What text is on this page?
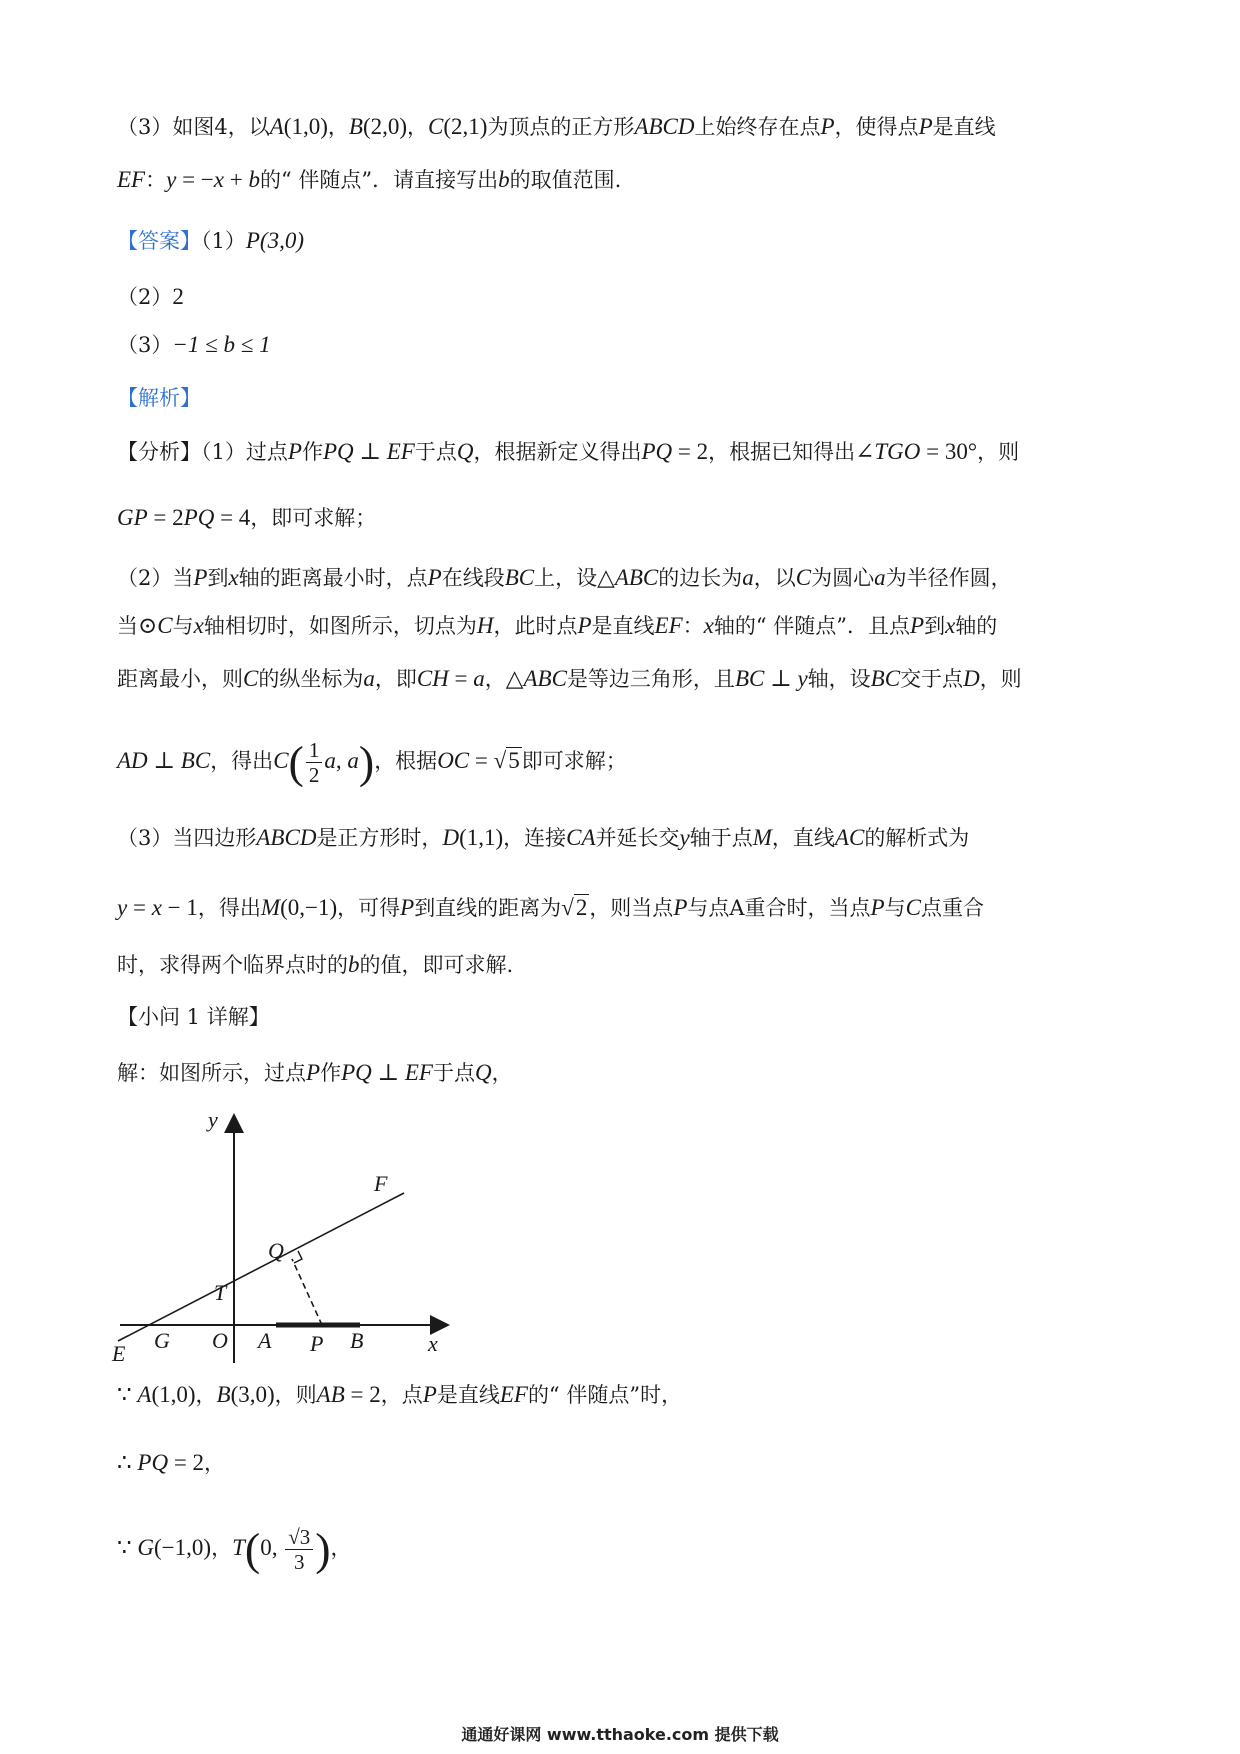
（3）如图4，以A(1,0)，B(2,0)，C(2,1)为顶点的正方形ABCD上始终存在点P，使得点P是直线
EF：y = −x + b的“ 伴随点”．请直接写出b的取值范围.
【答案】（1）P(3,0)
（2）2
（3）−1 ≤ b ≤ 1
【解析】
【分析】（1）过点P作PQ ⊥ EF于点Q，根据新定义得出PQ = 2，根据已知得出∠TGO = 30°，则
GP = 2PQ = 4，即可求解；
（2）当P到x轴的距离最小时，点P在线段BC上，设△ABC的边长为a，以C为圆心a为半径作圆，
当⊙C与x轴相切时，如图所示，切点为H，此时点P是直线EF：x轴的“ 伴随点”．且点P到x轴的
距离最小，则C的纵坐标为a，即CH = a，△ABC是等边三角形，且BC ⊥ y轴，设BC交于点D，则
AD ⊥ BC，得出$C( \frac{1}{2} a$, a)，根据OC = √5即可求解；
（3）当四边形ABCD是正方形时，D(1,1)，连接CA并延长交y轴于点M，直线AC的解析式为
y = x − 1，得出M(0,−1)，可得P到直线的距离为√2，则当点P与点A重合时，当点P与C点重合
时，求得两个临界点时的b的值，即可求解.
【小问 1 详解】
解：如图所示，过点P作PQ ⊥ EF于点Q，
y
x
F
Q
T
E
G O A P B
∵ A(1,0)，B(3,0)，则AB = 2，点P是直线EF的“ 伴随点”时，
∴ PQ = 2，
∵ G(−1,0)，T(0, $\frac{√3}{3}$ )，
通通好课网 www.tthaoke.com 提供下载
